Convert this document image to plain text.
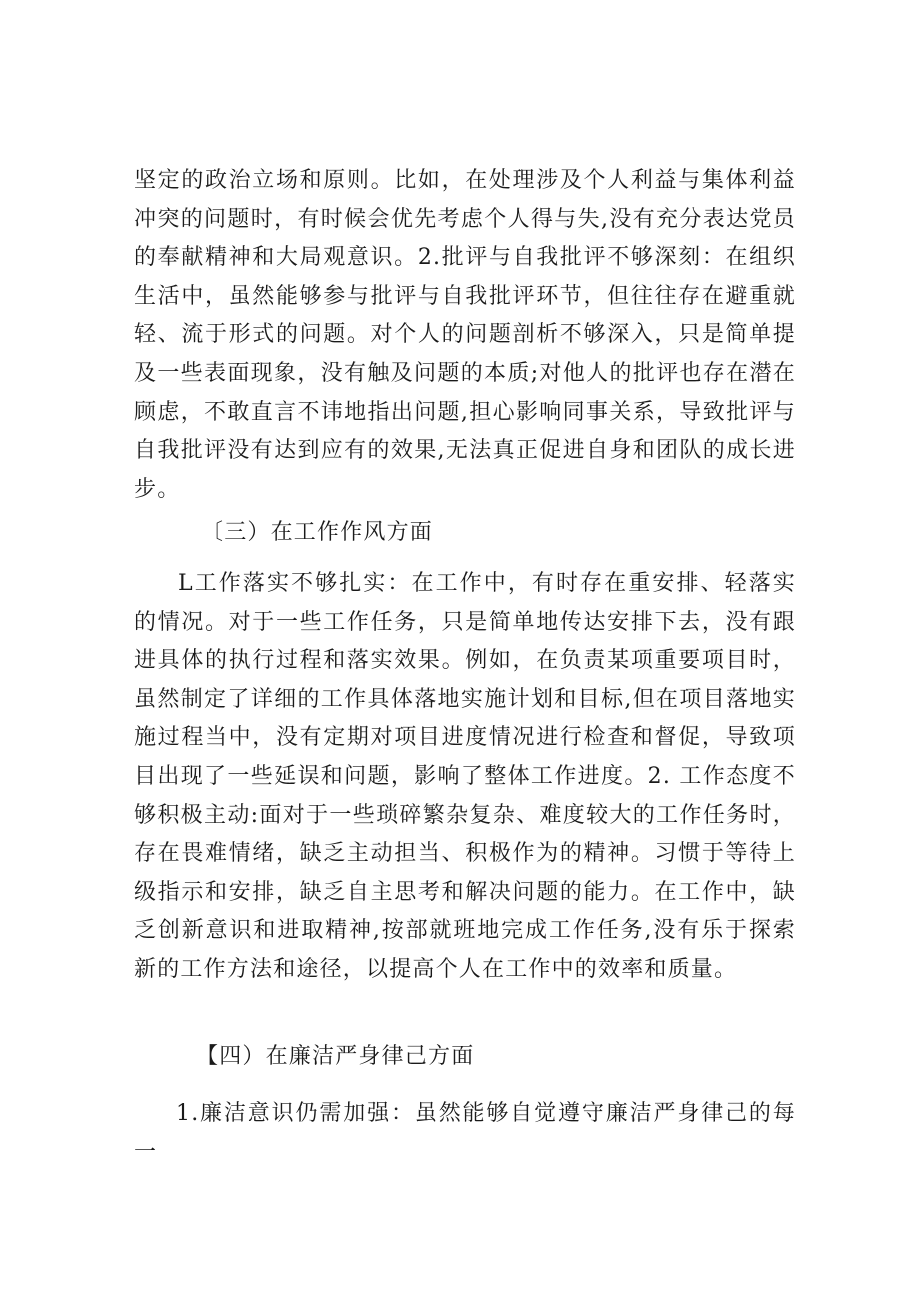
坚定的政治立场和原则。比如，在处理涉及个人利益与集体利益冲突的问题时，有时候会优先考虑个人得与失,没有充分表达党员的奉献精神和大局观意识。2.批评与自我批评不够深刻：在组织生活中，虽然能够参与批评与自我批评环节，但往往存在避重就轻、流于形式的问题。对个人的问题剖析不够深入，只是简单提及一些表面现象，没有触及问题的本质;对他人的批评也存在潜在顾虑，不敢直言不讳地指出问题,担心影响同事关系，导致批评与自我批评没有达到应有的效果,无法真正促进自身和团队的成长进步。

〔三）在工作作风方面

L工作落实不够扎实：在工作中，有时存在重安排、轻落实的情况。对于一些工作任务，只是简单地传达安排下去，没有跟进具体的执行过程和落实效果。例如，在负责某项重要项目时，虽然制定了详细的工作具体落地实施计划和目标,但在项目落地实施过程当中，没有定期对项目进度情况进行检查和督促，导致项目出现了一些延误和问题，影响了整体工作进度。2. 工作态度不够积极主动:面对于一些琐碎繁杂复杂、难度较大的工作任务时，存在畏难情绪，缺乏主动担当、积极作为的精神。习惯于等待上级指示和安排，缺乏自主思考和解决问题的能力。在工作中，缺乏创新意识和进取精神,按部就班地完成工作任务,没有乐于探索新的工作方法和途径，以提高个人在工作中的效率和质量。

【四）在廉洁严身律己方面

1.廉洁意识仍需加强：虽然能够自觉遵守廉洁严身律己的每一
